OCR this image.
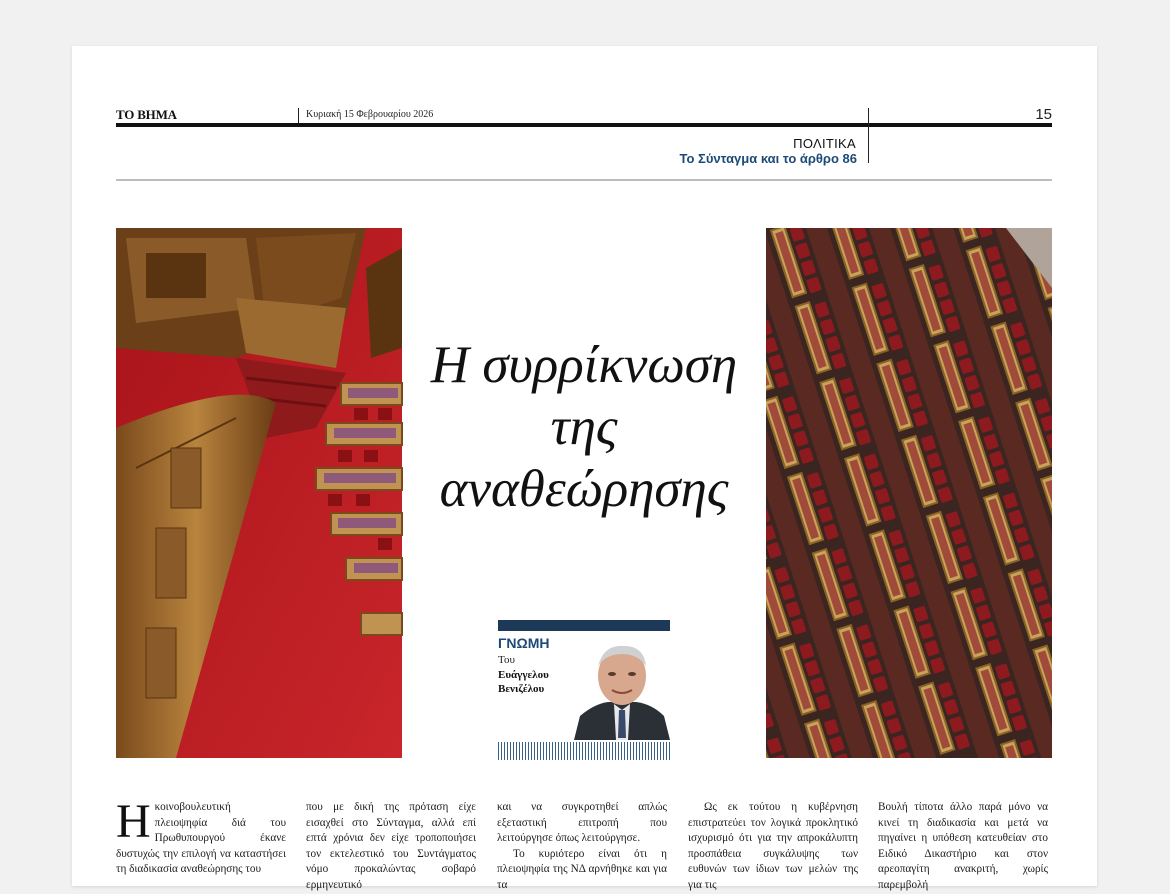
ΤΟ ΒΗΜΑ	Κυριακή 15 Φεβρουαρίου 2026	15
ΠΟΛΙΤΙΚΑ
Το Σύνταγμα και το άρθρο 86
Η συρρίκνωση
της
αναθεώρησης
ΓΝΩΜΗ
Του
Ευάγγελου
Βενιζέλου
Η κοινοβουλευτική πλειοψηφία διά του Πρωθυπουργού έκανε δυστυχώς την επιλογή να καταστήσει τη διαδικασία αναθεώρησης του

που με δική της πρόταση είχε εισαχθεί στο Σύνταγμα, αλλά επί επτά χρόνια δεν είχε τροποποιήσει τον εκτελεστικό του Συντάγματος νόμο προκαλώντας σοβαρό ερμηνευτικό

και να συγκροτηθεί απλώς εξεταστική επιτροπή που λειτούργησε όπως λειτούργησε.

Το κυριότερο είναι ότι η πλειοψηφία της ΝΔ αρνήθηκε και για τα

Ως εκ τούτου η κυβέρνηση επιστρατεύει τον λογικά προκλητικό ισχυρισμό ότι για την απροκάλυπτη προσπάθεια συγκάλυψης των ευθυνών των ίδιων των μελών της για τις

Βουλή τίποτα άλλο παρά μόνο να κινεί τη διαδικασία και μετά να πηγαίνει η υπόθεση κατευθείαν στο Ειδικό Δικαστήριο και στον αρεοπαγίτη ανακριτή, χωρίς παρεμβολή
